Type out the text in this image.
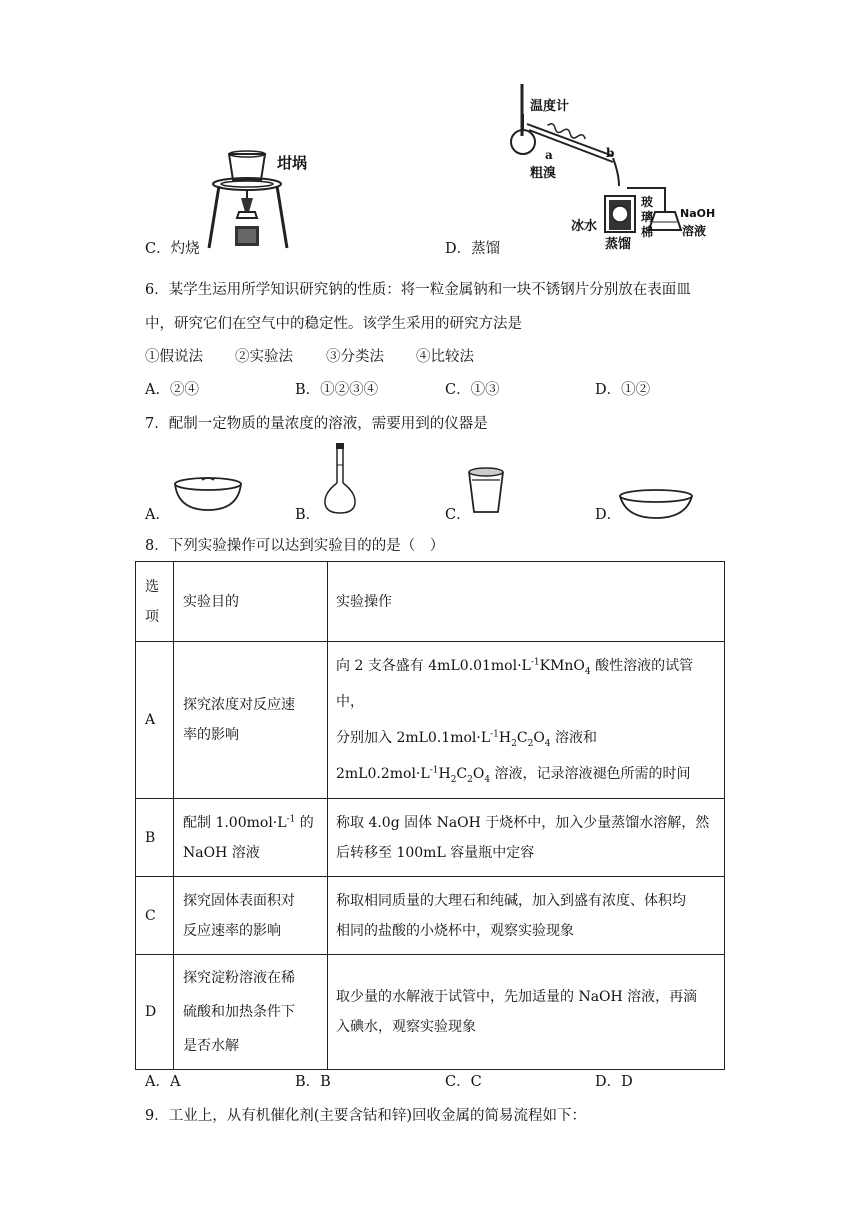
坩埚
温度计
a	b
粗溴
冰水
玻
璃
棉
NaOH
溶液
蒸馏
C．灼烧	D．蒸馏
6．某学生运用所学知识研究钠的性质：将一粒金属钠和一块不锈钢片分别放在表面皿
中，研究它们在空气中的稳定性。该学生采用的研究方法是
①假说法 ②实验法 ③分类法 ④比较法
A．②④	B．①②③④	C．①③	D．①②
7．配制一定物质的量浓度的溶液，需要用到的仪器是
A．	B．	C．	D．
8．下列实验操作可以达到实验目的的是（　）
选
项	实验目的	实验操作
A	探究浓度对反应速
率的影响	向 2 支各盛有 $4mL0.01mol\cdot L^{-1}KMnO_4$ 酸性溶液的试管中，
分别加入 $2mL0.1mol\cdot L^{-1}H_2C_2O_4$ 溶液和
$2mL0.2mol\cdot L^{-1}H_2C_2O_4$ 溶液，记录溶液褪色所需的时间
B	配制 $1.00mol\cdot L^{-1}$ 的
NaOH 溶液	称取 4.0g 固体 NaOH 于烧杯中，加入少量蒸馏水溶解，然
后转移至 100mL 容量瓶中定容
C	探究固体表面积对
反应速率的影响	称取相同质量的大理石和纯碱，加入到盛有浓度、体积均
相同的盐酸的小烧杯中，观察实验现象
D	探究淀粉溶液在稀
硫酸和加热条件下
是否水解	取少量的水解液于试管中，先加适量的 NaOH 溶液，再滴
入碘水，观察实验现象
A．A	B．B	C．C	D．D
9．工业上，从有机催化剂(主要含钴和锌)回收金属的简易流程如下：
